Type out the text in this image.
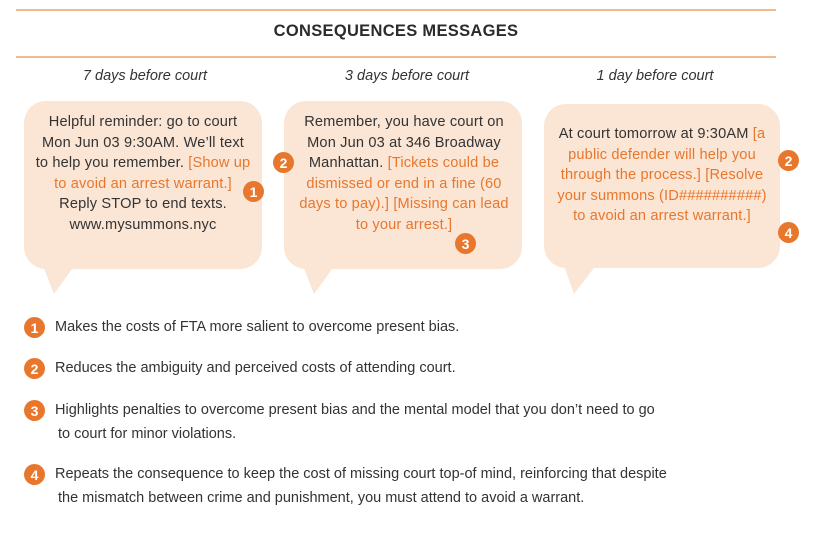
CONSEQUENCES MESSAGES
7 days before court	3 days before court	1 day before court
Helpful reminder: go to court Mon Jun 03 9:30AM. We’ll text to help you remember. [Show up to avoid an arrest warrant.]
Reply STOP to end texts. www.mysummons.nyc
1
Remember, you have court on Mon Jun 03 at 346 Broadway Manhattan. [Tickets could be dismissed or end in a fine (60 days to pay).] [Missing can lead to your arrest.]
2
3
At court tomorrow at 9:30AM [a public defender will help you through the process.] [Resolve your summons (ID##########) to avoid an arrest warrant.]
2
4
1	Makes the costs of FTA more salient to overcome present bias.
2	Reduces the ambiguity and perceived costs of attending court.
3	Highlights penalties to overcome present bias and the mental model that you don’t need to go
to court for minor violations.
4	Repeats the consequence to keep the cost of missing court top-of mind, reinforcing that despite
the mismatch between crime and punishment, you must attend to avoid a warrant.
